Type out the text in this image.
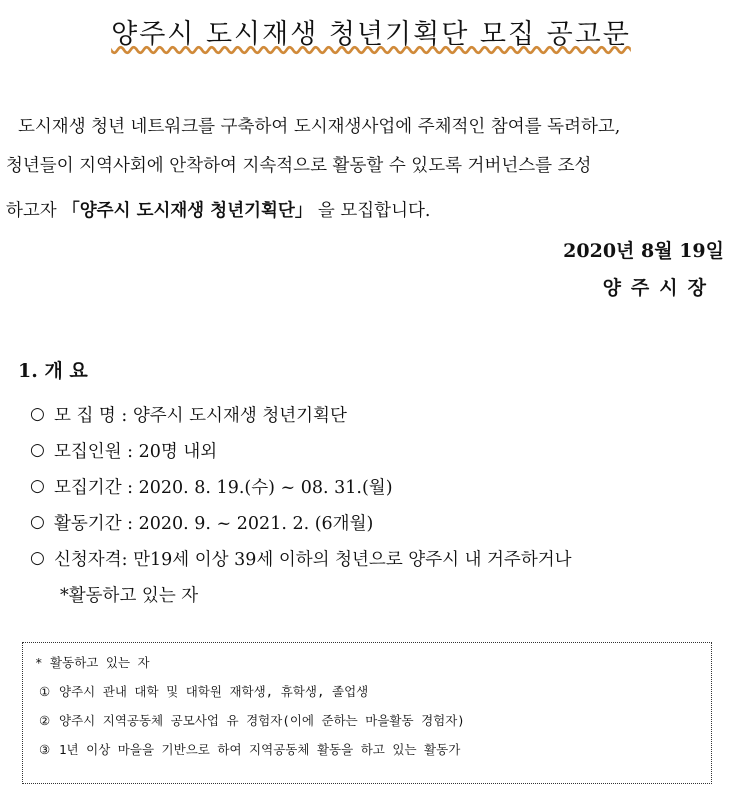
양주시 도시재생 청년기획단 모집 공고문
도시재생 청년 네트워크를 구축하여 도시재생사업에 주체적인 참여를 독려하고,
청년들이 지역사회에 안착하여 지속적으로 활동할 수 있도록 거버넌스를 조성
하고자 「양주시 도시재생 청년기획단」 을 모집합니다.
2020년 8월 19일
양주시장
1. 개 요
○ 모 집 명 : 양주시 도시재생 청년기획단
○ 모집인원 : 20명 내외
○ 모집기간 : 2020. 8. 19.(수) ~ 08. 31.(월)
○ 활동기간 : 2020. 9. ~ 2021. 2. (6개월)
○ 신청자격: 만19세 이상 39세 이하의 청년으로 양주시 내 거주하거나
*활동하고 있는 자
* 활동하고 있는 자
① 양주시 관내 대학 및 대학원 재학생, 휴학생, 졸업생
② 양주시 지역공동체 공모사업 유 경험자(이에 준하는 마을활동 경험자)
③ 1년 이상 마을을 기반으로 하여 지역공동체 활동을 하고 있는 활동가
